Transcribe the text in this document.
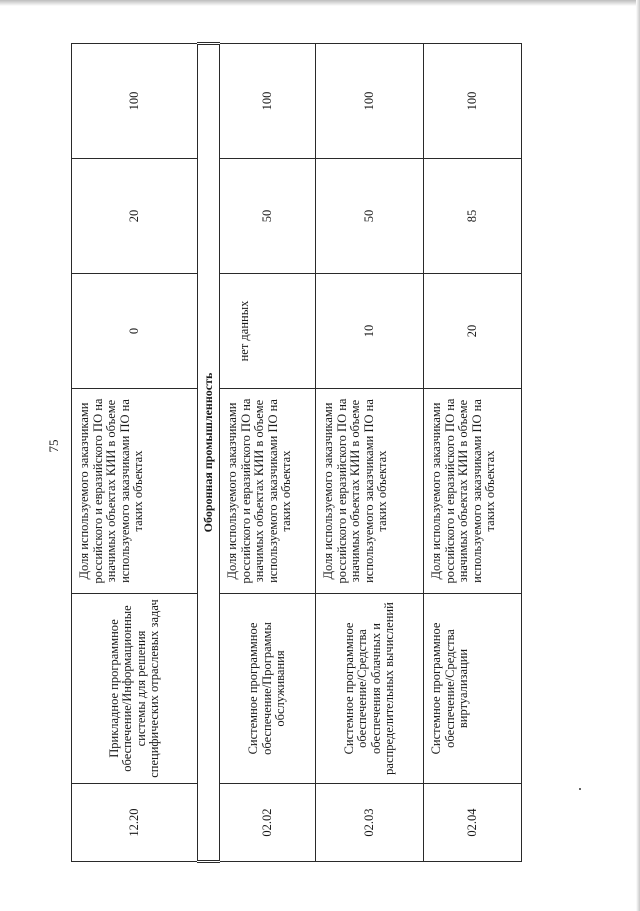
75
12.20	Прикладное программное обеспечение/Информационные системы для решения специфических отраслевых задач	Доля используемого заказчиками российского и евразийского ПО на значимых объектах КИИ в объеме используемого заказчиками ПО на таких объектах	0	20	100
Оборонная промышленность					
02.02	Системное программное обеспечение/Программы обслуживания	Доля используемого заказчиками российского и евразийского ПО на значимых объектах КИИ в объеме используемого заказчиками ПО на таких объектах	нет данных	50	100
02.03	Системное программное обеспечение/Средства обеспечения облачных и распределительных вычислений	Доля используемого заказчиками российского и евразийского ПО на значимых объектах КИИ в объеме используемого заказчиками ПО на таких объектах	10	50	100
02.04	Системное программное обеспечение/Средства виртуализации	Доля используемого заказчиками российского и евразийского ПО на значимых объектах КИИ в объеме используемого заказчиками ПО на таких объектах	20	85	100
